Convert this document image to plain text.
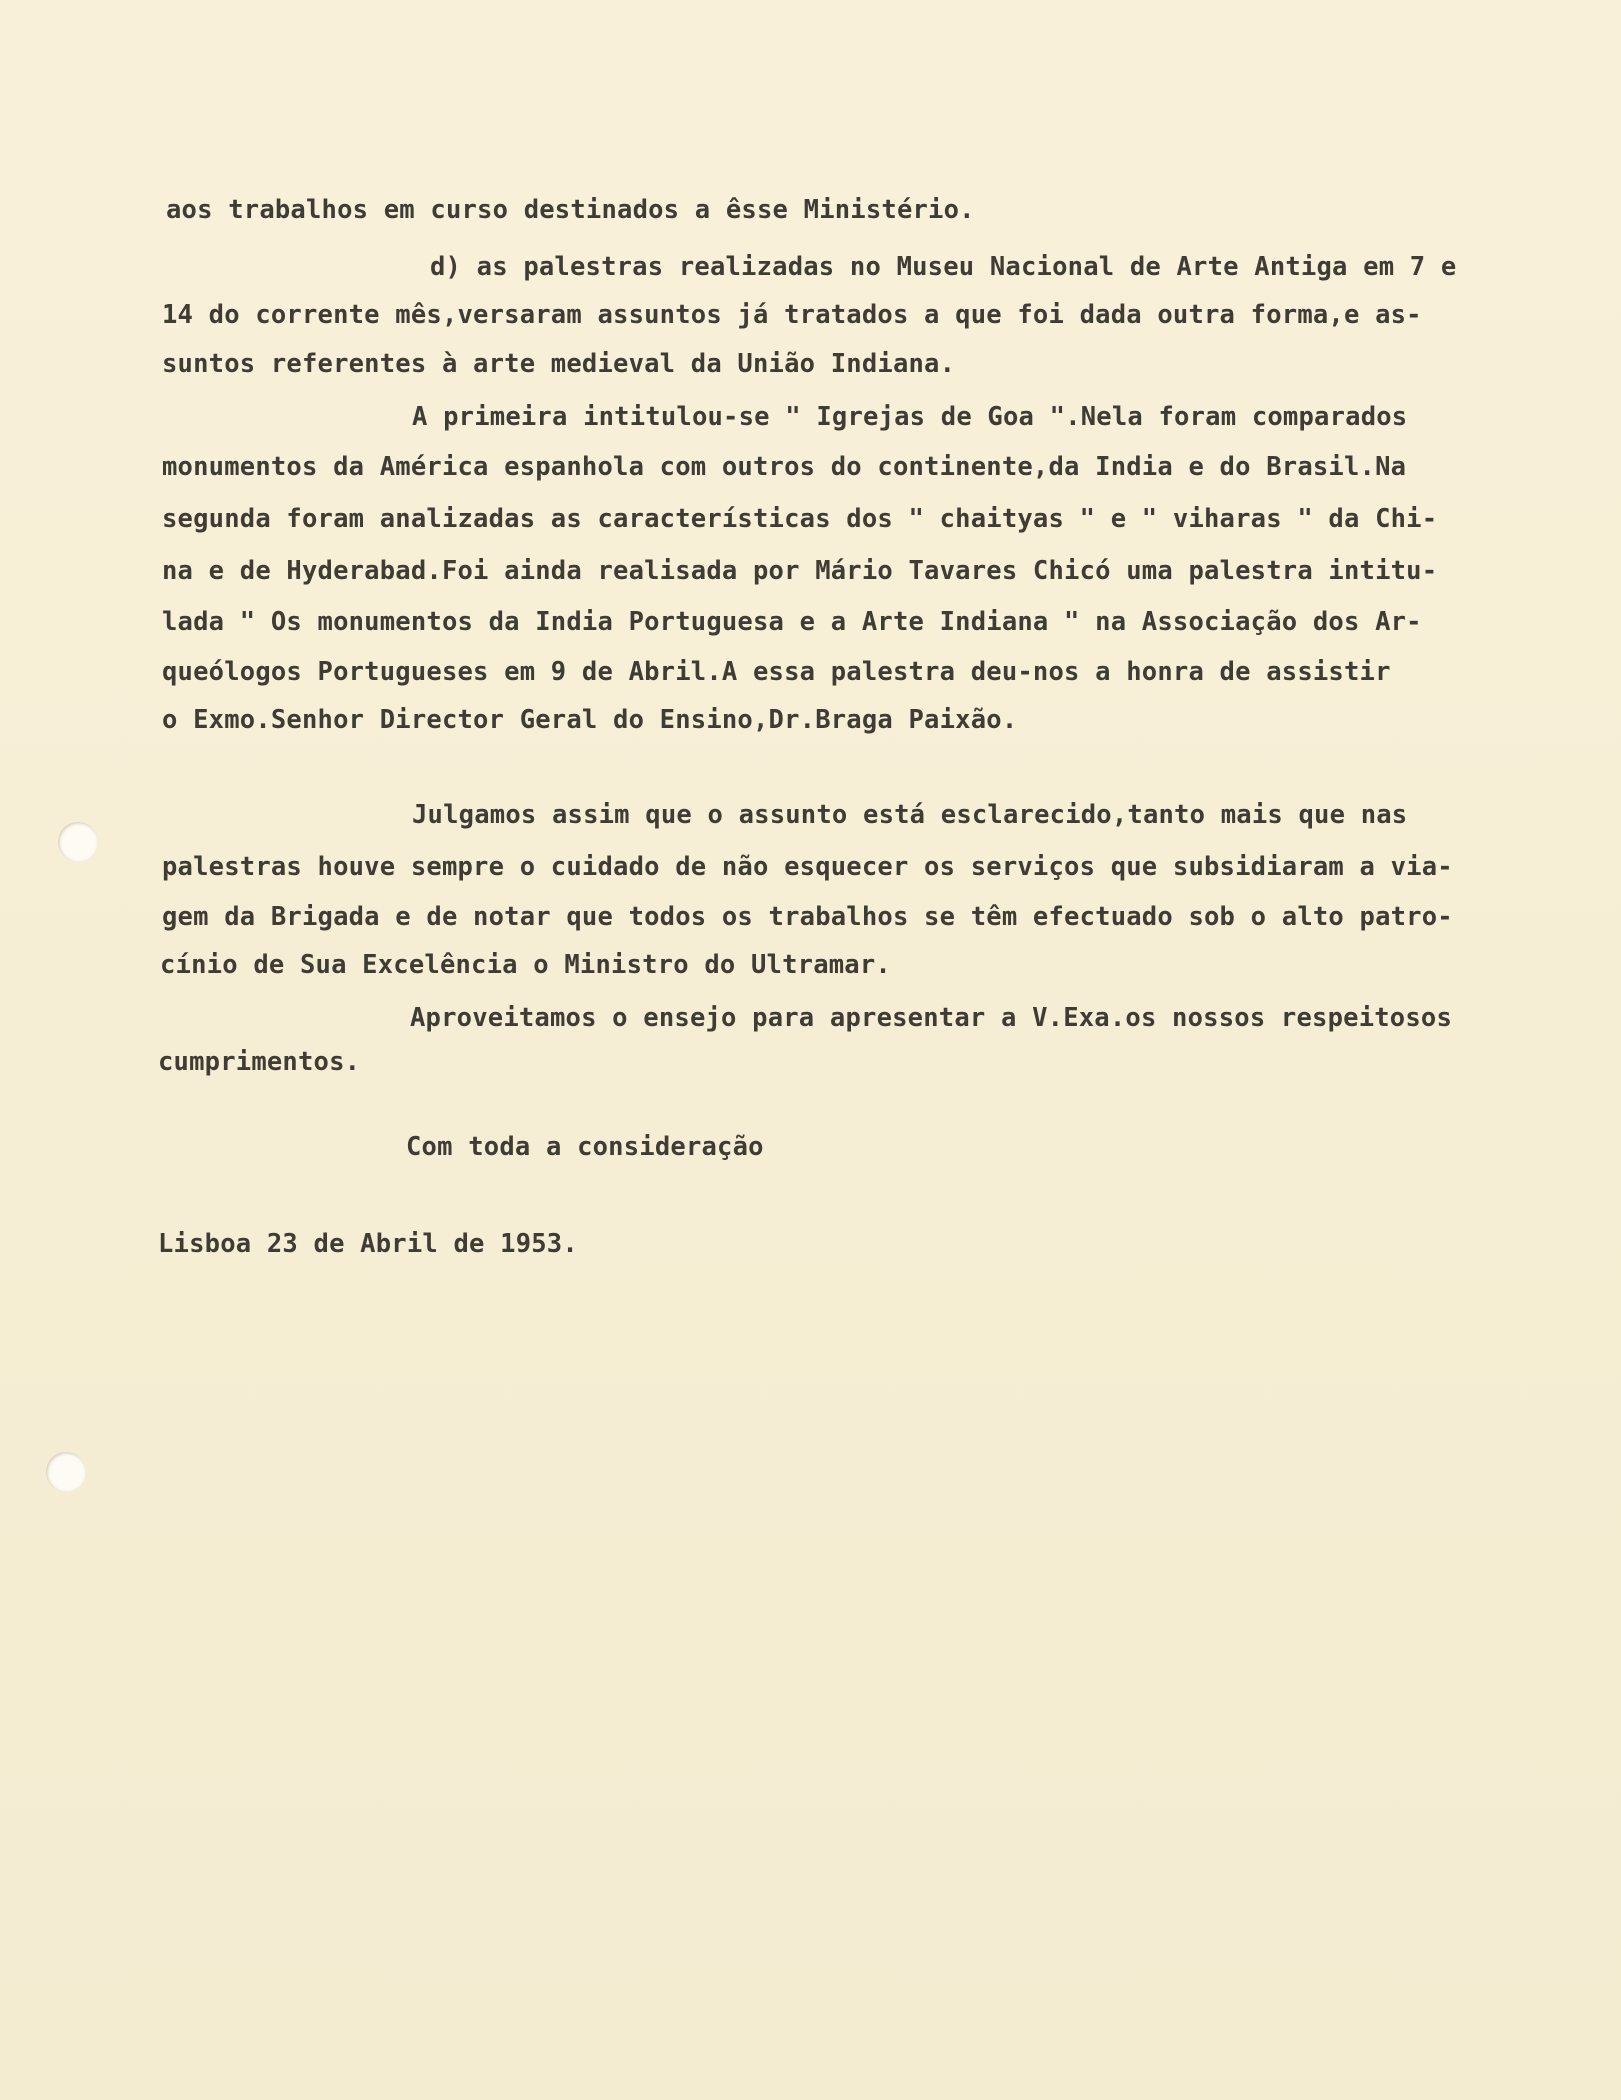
aos trabalhos em curso destinados a êsse Ministério.
d) as palestras realizadas no Museu Nacional de Arte Antiga em 7 e
14 do corrente mês,versaram assuntos já tratados a que foi dada outra forma,e as-
suntos referentes à arte medieval da União Indiana.
A primeira intitulou-se " Igrejas de Goa ".Nela foram comparados
monumentos da América espanhola com outros do continente,da India e do Brasil.Na
segunda foram analizadas as características dos " chaityas " e " viharas " da Chi-
na e de Hyderabad.Foi ainda realisada por Mário Tavares Chicó uma palestra intitu-
lada " Os monumentos da India Portuguesa e a Arte Indiana " na Associação dos Ar-
queólogos Portugueses em 9 de Abril.A essa palestra deu-nos a honra de assistir
o Exmo.Senhor Director Geral do Ensino,Dr.Braga Paixão.
Julgamos assim que o assunto está esclarecido,tanto mais que nas
palestras houve sempre o cuidado de não esquecer os serviços que subsidiaram a via-
gem da Brigada e de notar que todos os trabalhos se têm efectuado sob o alto patro-
cínio de Sua Excelência o Ministro do Ultramar.
Aproveitamos o ensejo para apresentar a V.Exa.os nossos respeitosos
cumprimentos.
Com toda a consideração
Lisboa 23 de Abril de 1953.
